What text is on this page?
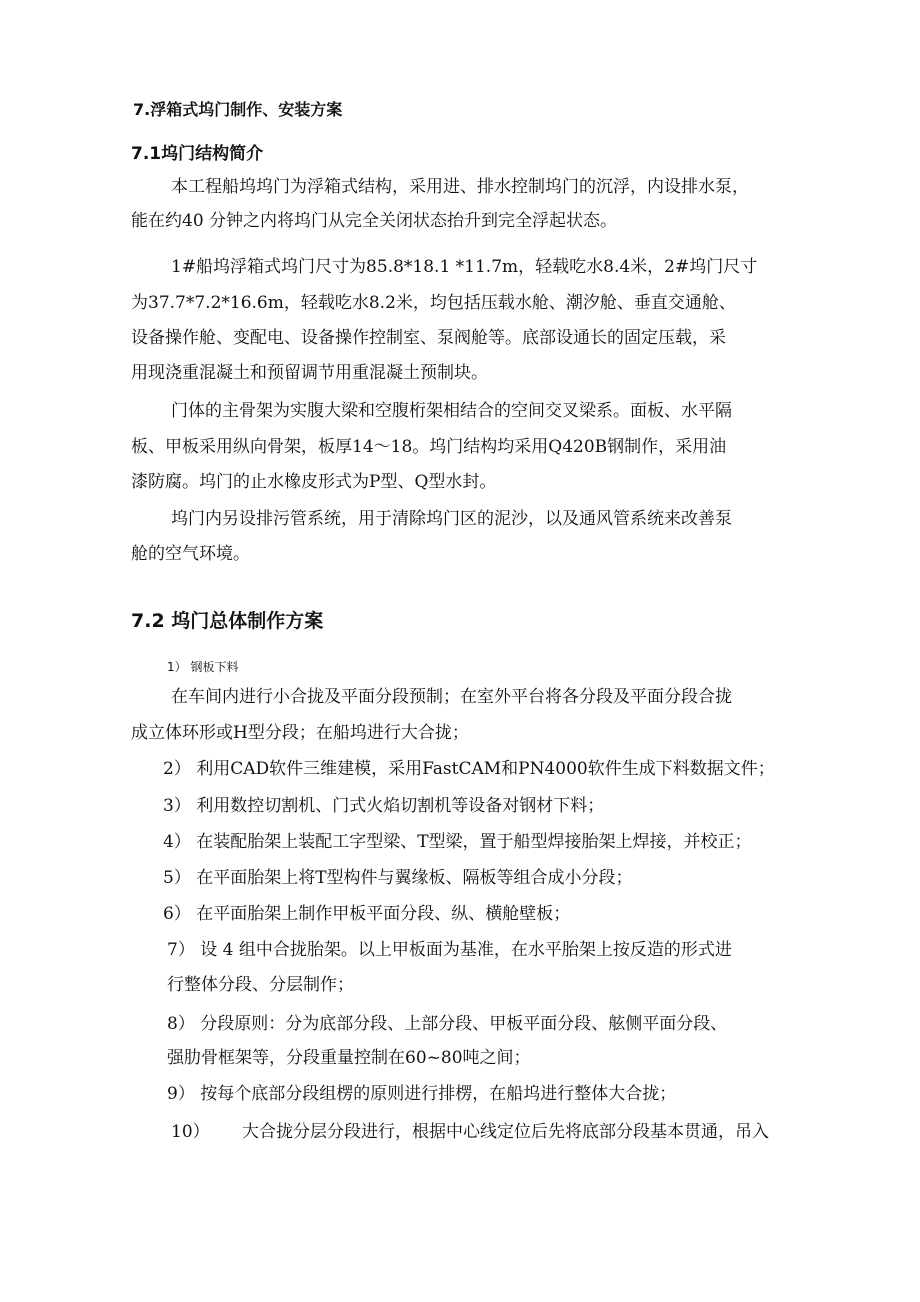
7.浮箱式坞门制作、安装方案
7.1坞门结构简介
本工程船坞坞门为浮箱式结构，采用进、排水控制坞门的沉浮，内设排水泵，
能在约40 分钟之内将坞门从完全关闭状态抬升到完全浮起状态。
1#船坞浮箱式坞门尺寸为85.8*18.1 *11.7m，轻载吃水8.4米，2#坞门尺寸
为37.7*7.2*16.6m，轻载吃水8.2米，均包括压载水舱、潮汐舱、垂直交通舱、
设备操作舱、变配电、设备操作控制室、泵阀舱等。底部设通长的固定压载，采
用现浇重混凝土和预留调节用重混凝土预制块。
门体的主骨架为实腹大梁和空腹桁架相结合的空间交叉梁系。面板、水平隔
板、甲板采用纵向骨架，板厚14～18。坞门结构均采用Q420B钢制作，采用油
漆防腐。坞门的止水橡皮形式为P型、Q型水封。
坞门内另设排污管系统，用于清除坞门区的泥沙，以及通风管系统来改善泵
舱的空气环境。
7.2 坞门总体制作方案
1） 钢板下料
在车间内进行小合拢及平面分段预制；在室外平台将各分段及平面分段合拢
成立体环形或H型分段；在船坞进行大合拢；
2） 利用CAD软件三维建模，采用FastCAM和PN4000软件生成下料数据文件；
3） 利用数控切割机、门式火焰切割机等设备对钢材下料；
4） 在装配胎架上装配工字型梁、T型梁，置于船型焊接胎架上焊接，并校正；
5） 在平面胎架上将T型构件与翼缘板、隔板等组合成小分段；
6） 在平面胎架上制作甲板平面分段、纵、横舱壁板；
7） 设 4 组中合拢胎架。以上甲板面为基准，在水平胎架上按反造的形式进
行整体分段、分层制作；
8） 分段原则：分为底部分段、上部分段、甲板平面分段、舷侧平面分段、
强肋骨框架等，分段重量控制在60~80吨之间；
9） 按每个底部分段组楞的原则进行排楞，在船坞进行整体大合拢；
10） 大合拢分层分段进行，根据中心线定位后先将底部分段基本贯通，吊入
